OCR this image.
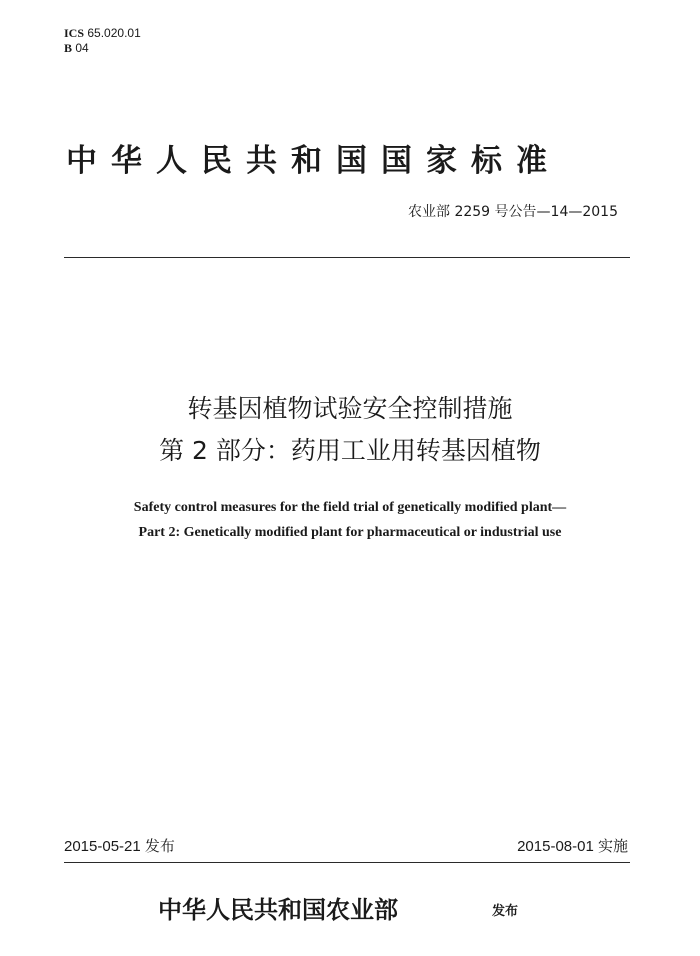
ICS 65.020.01
B 04
中华人民共和国国家标准
农业部 2259 号公告—14—2015
转基因植物试验安全控制措施
第 2 部分：药用工业用转基因植物
Safety control measures for the field trial of genetically modified plant—
Part 2: Genetically modified plant for pharmaceutical or industrial use
2015-05-21 发布	2015-08-01 实施
中华人民共和国农业部	发布
